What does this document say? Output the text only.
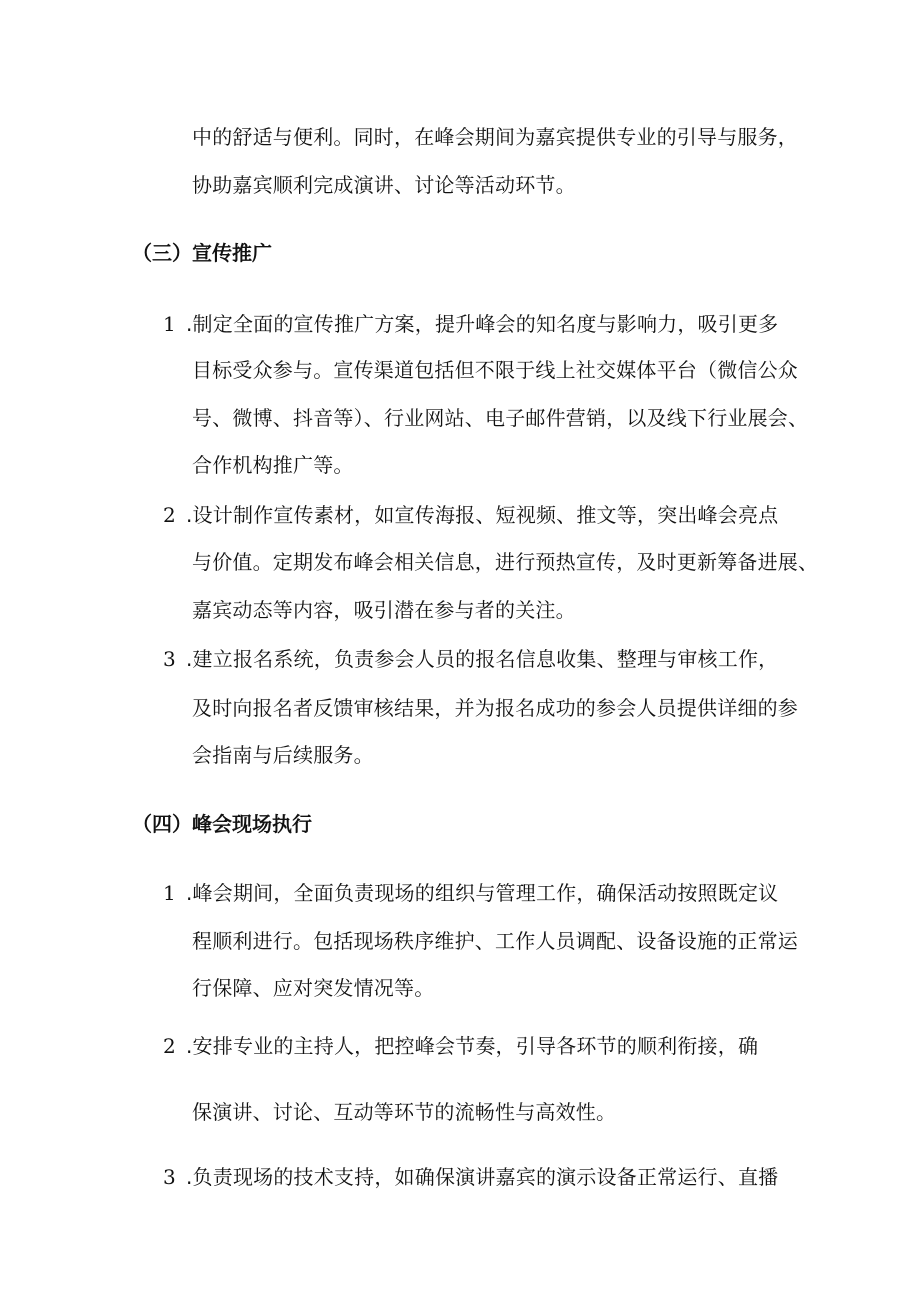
中的舒适与便利。同时，在峰会期间为嘉宾提供专业的引导与服务，
协助嘉宾顺利完成演讲、讨论等活动环节。
（三）宣传推广
1 .制定全面的宣传推广方案，提升峰会的知名度与影响力，吸引更多
目标受众参与。宣传渠道包括但不限于线上社交媒体平台（微信公众
号、微博、抖音等）、行业网站、电子邮件营销，以及线下行业展会、
合作机构推广等。
2 .设计制作宣传素材，如宣传海报、短视频、推文等，突出峰会亮点
与价值。定期发布峰会相关信息，进行预热宣传，及时更新筹备进展、
嘉宾动态等内容，吸引潜在参与者的关注。
3 .建立报名系统，负责参会人员的报名信息收集、整理与审核工作，
及时向报名者反馈审核结果，并为报名成功的参会人员提供详细的参
会指南与后续服务。
（四）峰会现场执行
1 .峰会期间，全面负责现场的组织与管理工作，确保活动按照既定议
程顺利进行。包括现场秩序维护、工作人员调配、设备设施的正常运
行保障、应对突发情况等。
2 .安排专业的主持人，把控峰会节奏，引导各环节的顺利衔接，确
保演讲、讨论、互动等环节的流畅性与高效性。
3 .负责现场的技术支持，如确保演讲嘉宾的演示设备正常运行、直播
